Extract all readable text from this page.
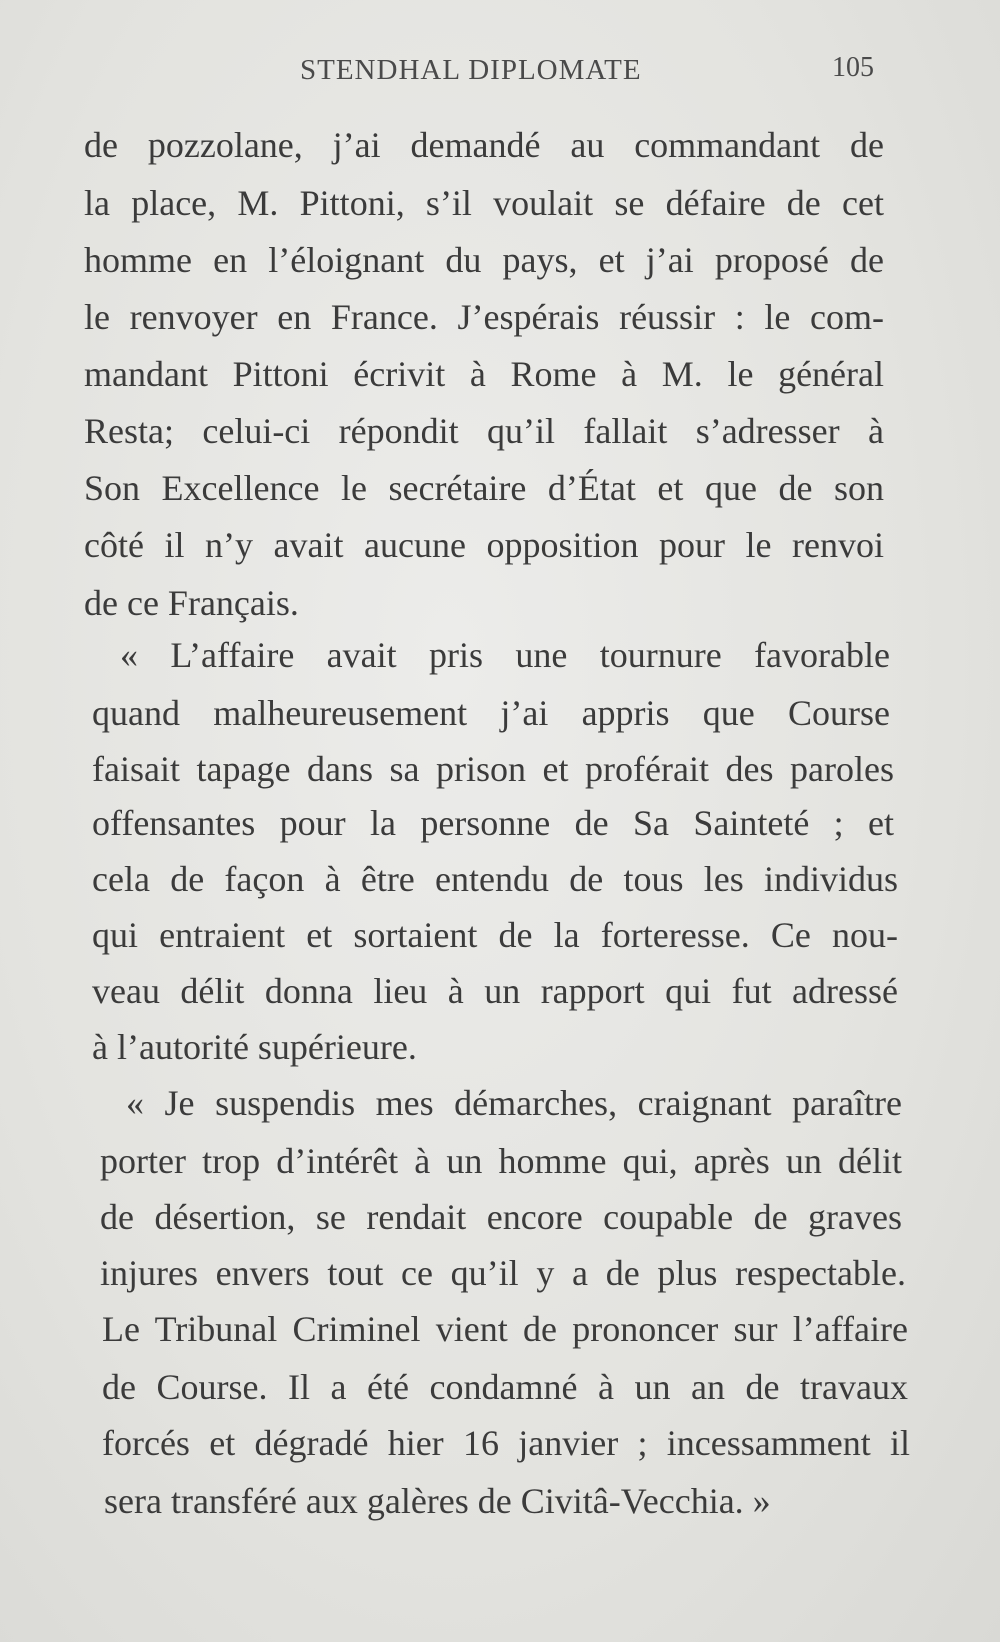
STENDHAL DIPLOMATE	105
de pozzolane, j’ai demandé au commandant de
la place, M. Pittoni, s’il voulait se défaire de cet
homme en l’éloignant du pays, et j’ai proposé de
le renvoyer en France. J’espérais réussir : le com-
mandant Pittoni écrivit à Rome à M. le général
Resta; celui-ci répondit qu’il fallait s’adresser à
Son Excellence le secrétaire d’État et que de son
côté il n’y avait aucune opposition pour le renvoi
de ce Français.
« L’affaire avait pris une tournure favorable
quand malheureusement j’ai appris que Course
faisait tapage dans sa prison et proférait des paroles
offensantes pour la personne de Sa Sainteté ; et
cela de façon à être entendu de tous les individus
qui entraient et sortaient de la forteresse. Ce nou-
veau délit donna lieu à un rapport qui fut adressé
à l’autorité supérieure.
« Je suspendis mes démarches, craignant paraître
porter trop d’intérêt à un homme qui, après un délit
de désertion, se rendait encore coupable de graves
injures envers tout ce qu’il y a de plus respectable.
Le Tribunal Criminel vient de prononcer sur l’affaire
de Course. Il a été condamné à un an de travaux
forcés et dégradé hier 16 janvier ; incessamment il
sera transféré aux galères de Civitâ-Vecchia. »
